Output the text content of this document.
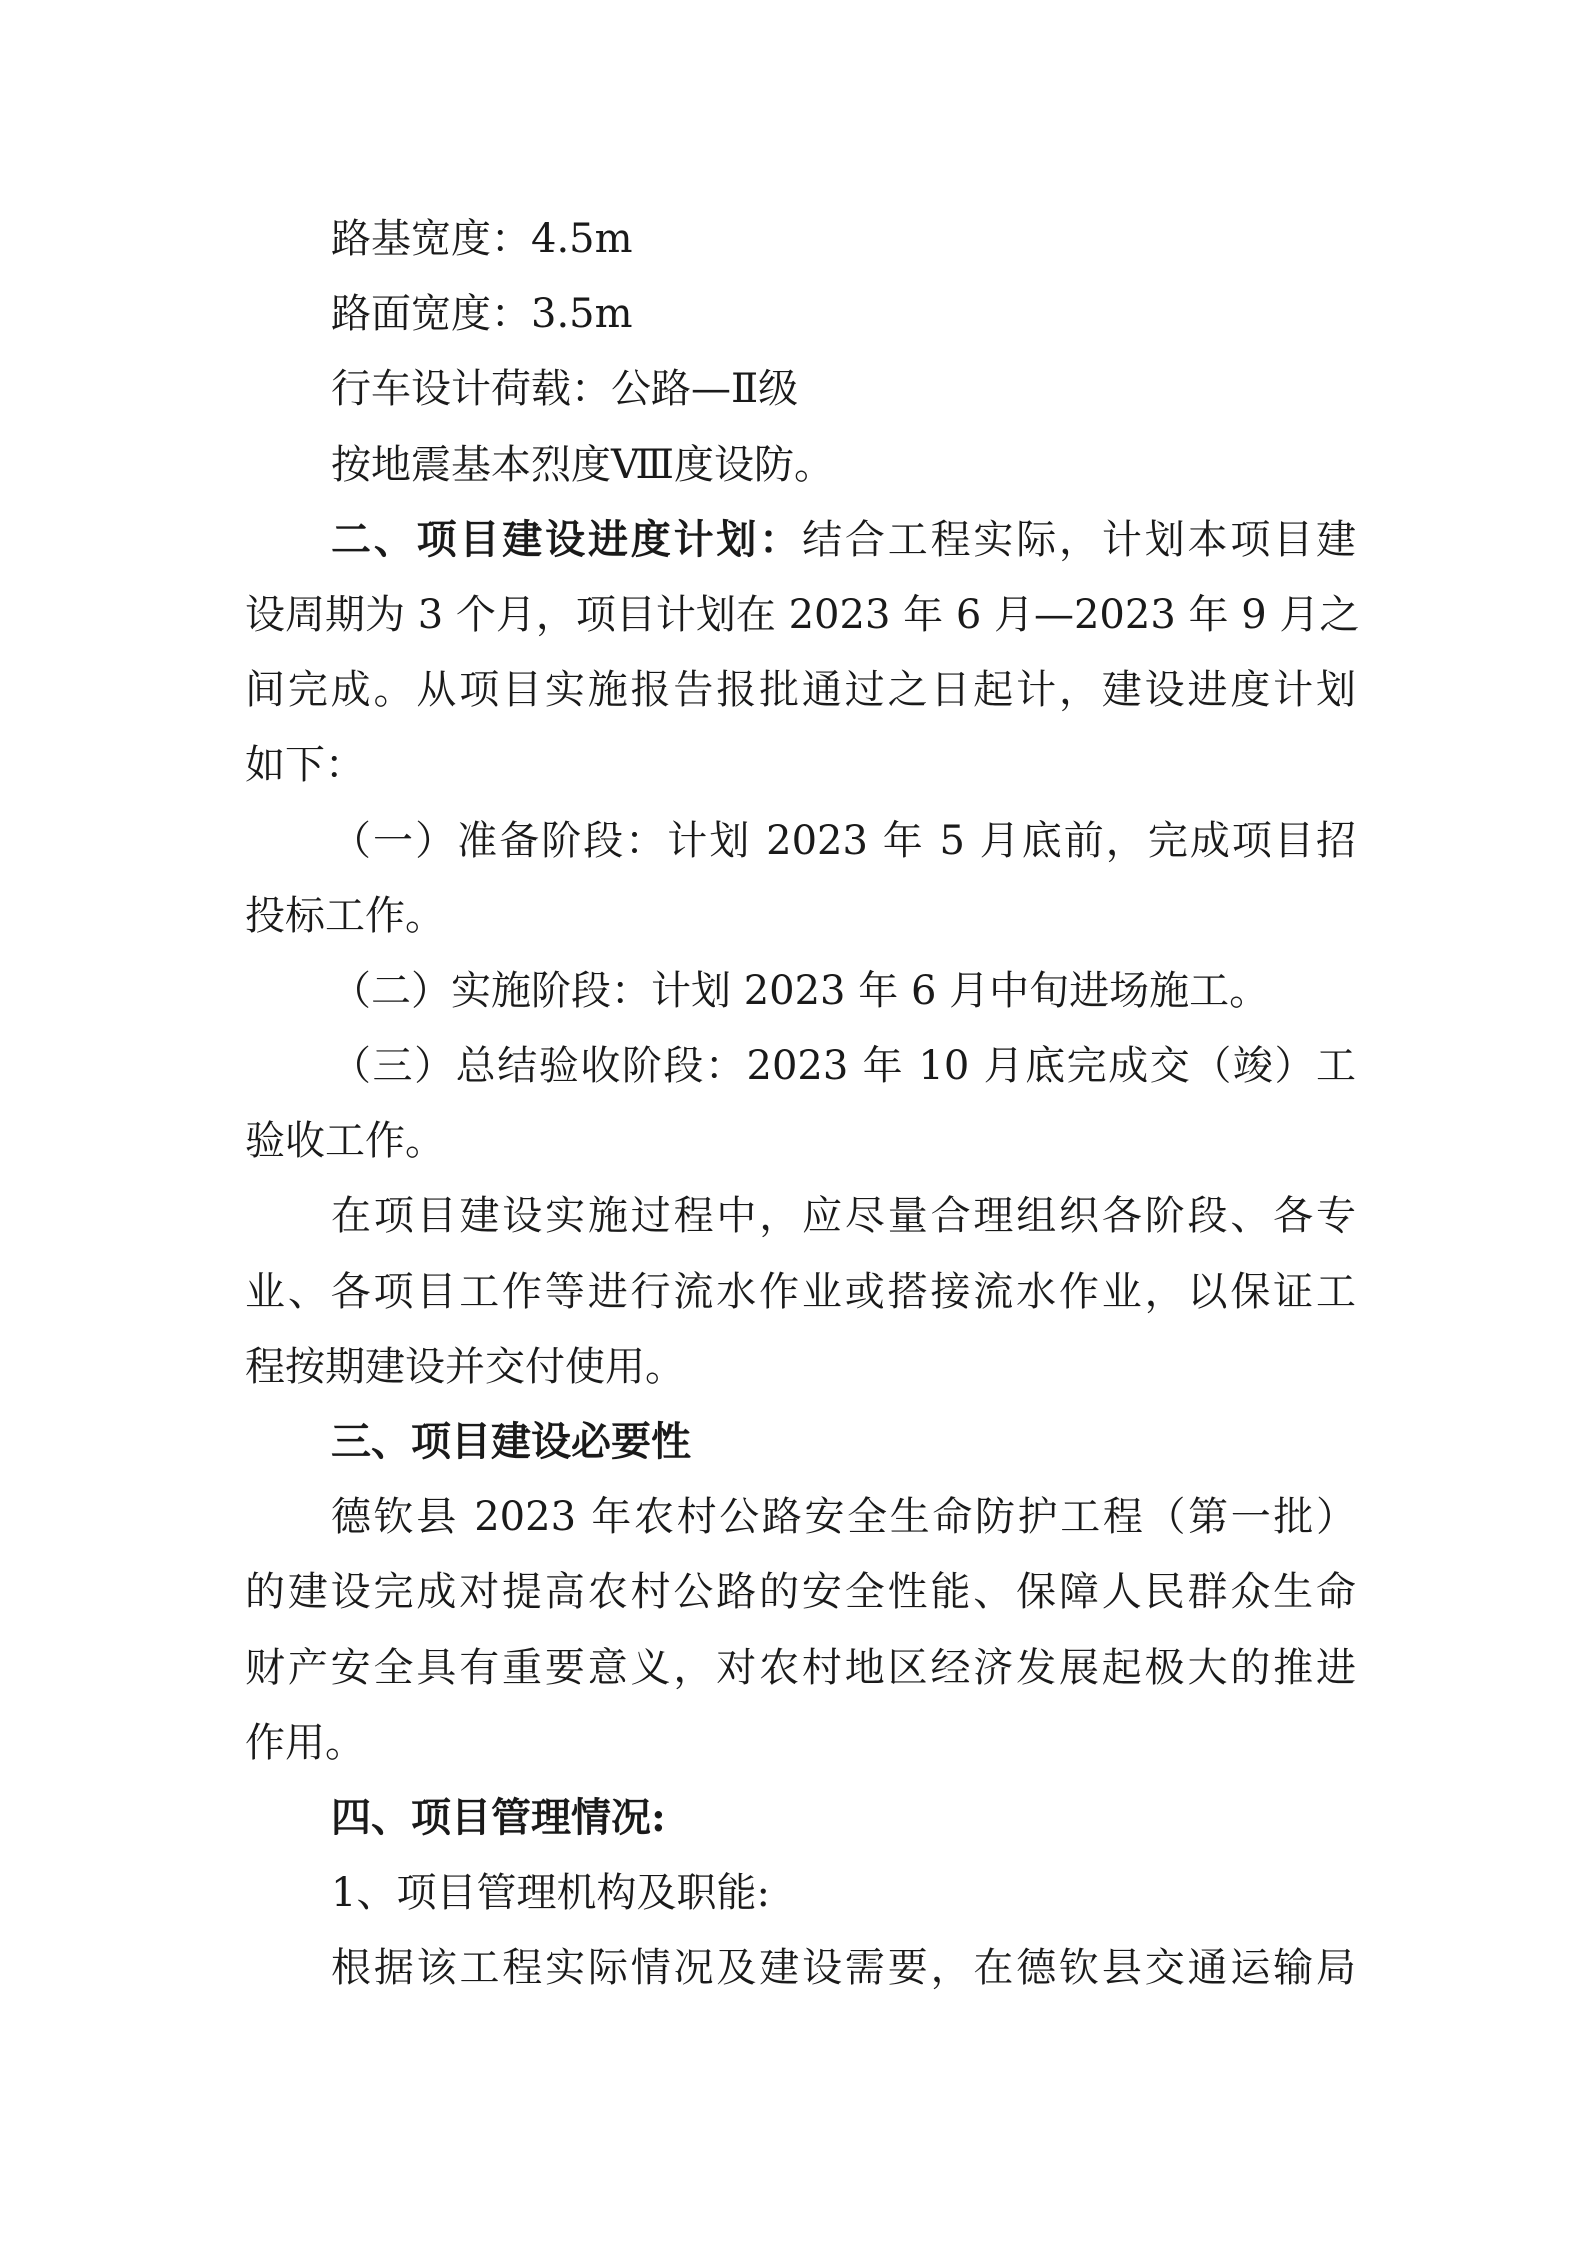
路基宽度：4.5m
路面宽度：3.5m
行车设计荷载：公路—Ⅱ级
按地震基本烈度Ⅷ度设防。
二、项目建设进度计划：结合工程实际，计划本项目建
设周期为 3 个月，项目计划在 2023 年 6 月—2023 年 9 月之
间完成。从项目实施报告报批通过之日起计，建设进度计划
如下：
（一）准备阶段：计划 2023 年 5 月底前，完成项目招
投标工作。
（二）实施阶段：计划 2023 年 6 月中旬进场施工。
（三）总结验收阶段：2023 年 10 月底完成交（竣）工
验收工作。
在项目建设实施过程中，应尽量合理组织各阶段、各专
业、各项目工作等进行流水作业或搭接流水作业，以保证工
程按期建设并交付使用。
三、项目建设必要性
德钦县 2023 年农村公路安全生命防护工程（第一批）
的建设完成对提高农村公路的安全性能、保障人民群众生命
财产安全具有重要意义，对农村地区经济发展起极大的推进
作用。
四、项目管理情况:
1、项目管理机构及职能:
根据该工程实际情况及建设需要，在德钦县交通运输局
